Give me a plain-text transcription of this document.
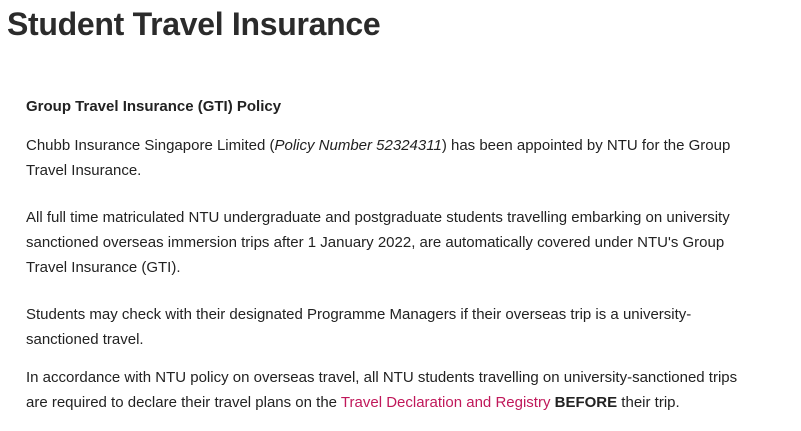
Student Travel Insurance
Group Travel Insurance (GTI) Policy

Chubb Insurance Singapore Limited (Policy Number 52324311) has been appointed by NTU for the Group
Travel Insurance.

All full time matriculated NTU undergraduate and postgraduate students travelling embarking on university
sanctioned overseas immersion trips after 1 January 2022, are automatically covered under NTU's Group
Travel Insurance (GTI).

Students may check with their designated Programme Managers if their overseas trip is a university-
sanctioned travel.

In accordance with NTU policy on overseas travel, all NTU students travelling on university-sanctioned trips
are required to declare their travel plans on the Travel Declaration and Registry BEFORE their trip.
